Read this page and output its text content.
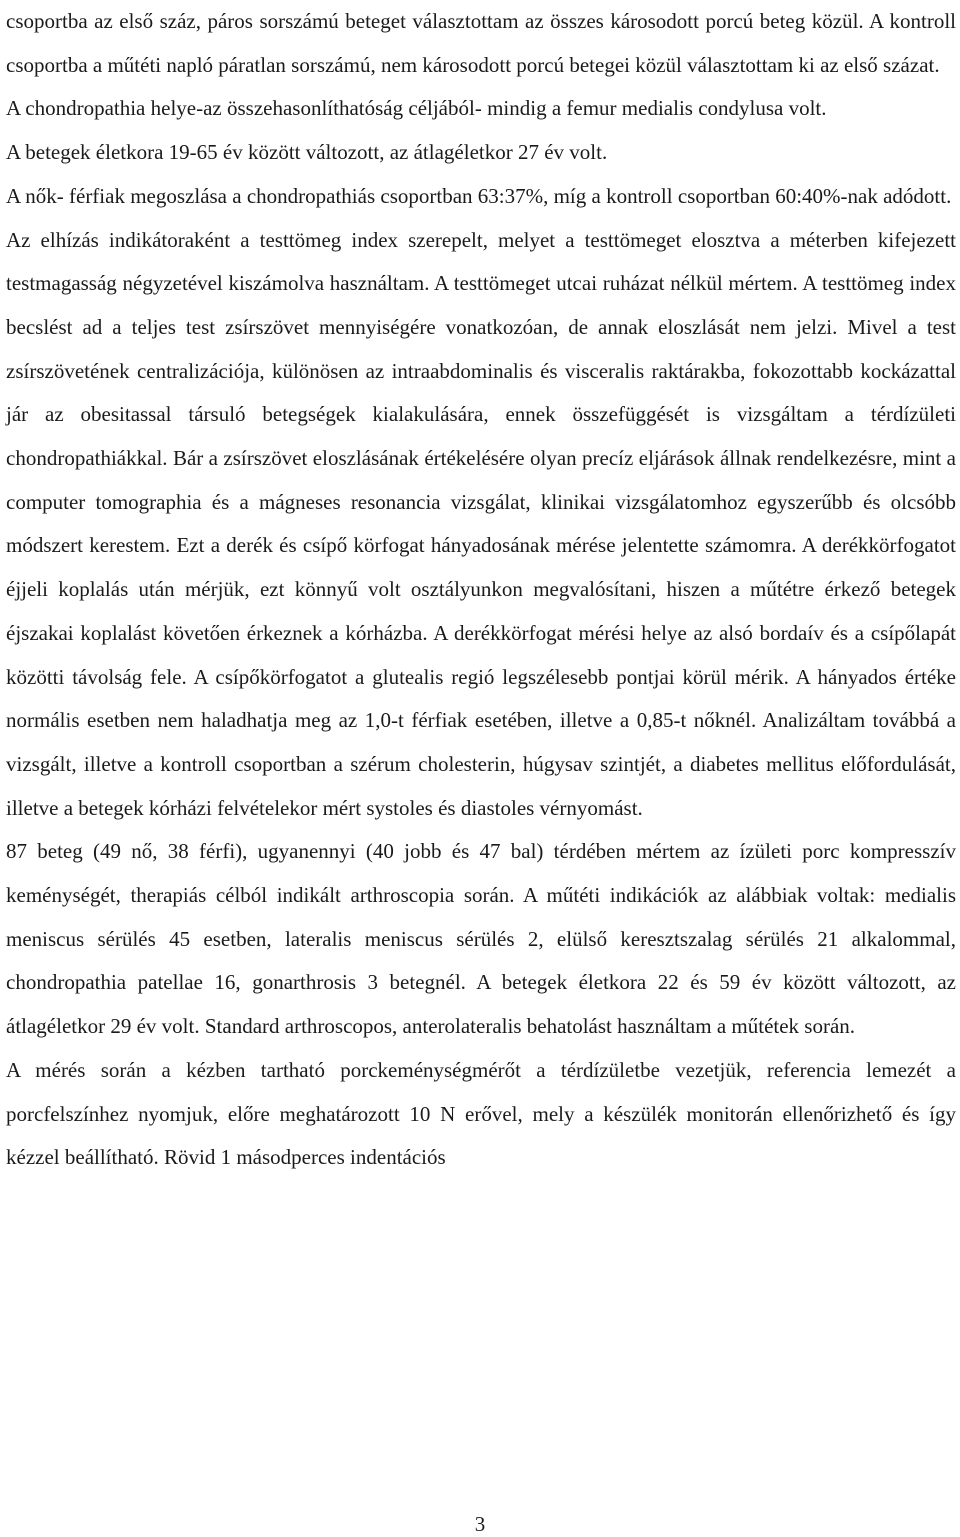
csoportba az első száz, páros sorszámú beteget választottam az összes károsodott porcú beteg közül. A kontroll csoportba a műtéti napló páratlan sorszámú, nem károsodott porcú betegei közül választottam ki az első százat.

A chondropathia helye-az összehasonlíthatóság céljából- mindig a femur medialis condylusa volt.

A betegek életkora 19-65 év között változott, az átlagéletkor 27 év volt.

A nők- férfiak megoszlása a chondropathiás csoportban 63:37%, míg a kontroll csoportban 60:40%-nak adódott.

Az elhízás indikátoraként a testtömeg index szerepelt, melyet a testtömeget elosztva a méterben kifejezett testmagasság négyzetével kiszámolva használtam. A testtömeget utcai ruházat nélkül mértem. A testtömeg index becslést ad a teljes test zsírszövet mennyiségére vonatkozóan, de annak eloszlását nem jelzi. Mivel a test zsírszövetének centralizációja, különösen az intraabdominalis és visceralis raktárakba, fokozottabb kockázattal jár az obesitassal társuló betegségek kialakulására, ennek összefüggését is vizsgáltam a térdízületi chondropathiákkal. Bár a zsírszövet eloszlásának értékelésére olyan precíz eljárások állnak rendelkezésre, mint a computer tomographia és a mágneses resonancia vizsgálat, klinikai vizsgálatomhoz egyszerűbb és olcsóbb módszert kerestem. Ezt a derék és csípő körfogat hányadosának mérése jelentette számomra. A derékkörfogatot éjjeli koplalás után mérjük, ezt könnyű volt osztályunkon megvalósítani, hiszen a műtétre érkező betegek éjszakai koplalást követően érkeznek a kórházba. A derékkörfogat mérési helye az alsó bordaív és a csípőlapát közötti távolság fele. A csípőkörfogatot a glutealis regió legszélesebb pontjai körül mérik. A hányados értéke normális esetben nem haladhatja meg az 1,0-t férfiak esetében, illetve a 0,85-t nőknél. Analizáltam továbbá a vizsgált, illetve a kontroll csoportban a szérum cholesterin, húgysav szintjét, a diabetes mellitus előfordulását, illetve a betegek kórházi felvételekor mért systoles és diastoles vérnyomást.

87 beteg (49 nő, 38 férfi), ugyanennyi (40 jobb és 47 bal) térdében mértem az ízületi porc kompresszív keménységét, therapiás célból indikált arthroscopia során. A műtéti indikációk az alábbiak voltak: medialis meniscus sérülés 45 esetben, lateralis meniscus sérülés 2, elülső keresztszalag sérülés 21 alkalommal, chondropathia patellae 16, gonarthrosis 3 betegnél. A betegek életkora 22 és 59 év között változott, az átlagéletkor 29 év volt. Standard arthroscopos, anterolateralis behatolást használtam a műtétek során.

A mérés során a kézben tartható porckeménységmérőt a térdízületbe vezetjük, referencia lemezét a porcfelszínhez nyomjuk, előre meghatározott 10 N erővel, mely a készülék monitorán ellenőrizhető és így kézzel beállítható. Rövid 1 másodperces indentációs

3
